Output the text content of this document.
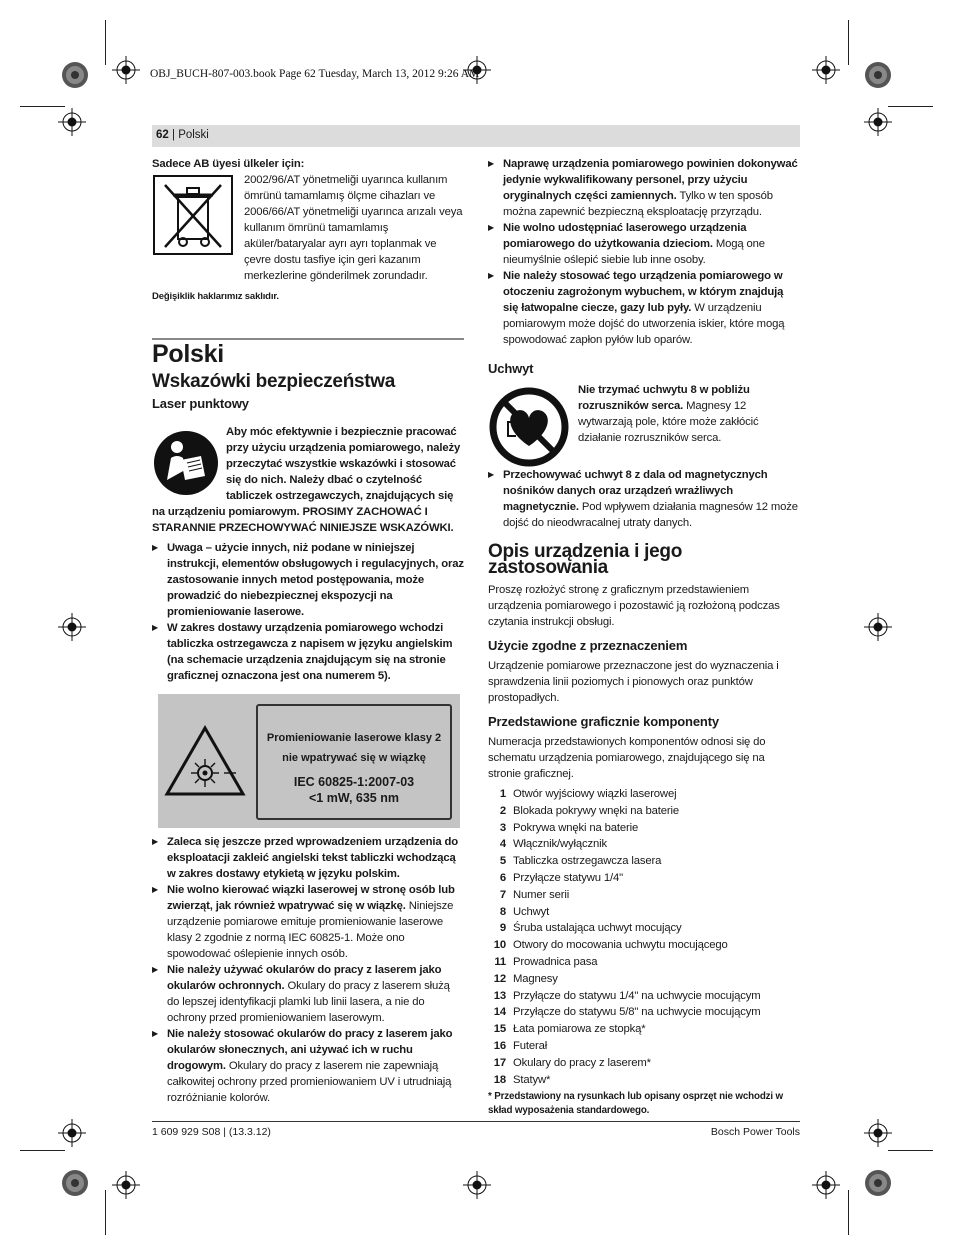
OBJ_BUCH-807-003.book Page 62 Tuesday, March 13, 2012 9:26 AM
62 | Polski

Sadece AB üyesi ülkeler için:

2002/96/AT yönetmeliği uyarınca kullanım ömrünü tamamlamış ölçme cihazları ve 2006/66/AT yönetmeliği uyarınca arızalı veya kullanım ömrünü tamamlamış aküler/bataryalar ayrı ayrı toplanmak ve çevre dostu tasfiye için geri kazanım merkezlerine gönderilmek zorundadır.

Değişiklik haklarımız saklıdır.

Polski
Wskazówki bezpieczeństwa
Laser punktowy

Aby móc efektywnie i bezpiecznie pracować przy użyciu urządzenia pomiarowego, należy przeczytać wszystkie wskazówki i stosować się do nich. Należy dbać o czytelność tabliczek ostrzegawczych, znajdujących się na urządzeniu pomiarowym. PROSIMY ZACHOWAĆ I STARANNIE PRZECHOWYWAĆ NINIEJSZE WSKAZÓWKI.

▶ Uwaga – użycie innych, niż podane w niniejszej instrukcji, elementów obsługowych i regulacyjnych, oraz zastosowanie innych metod postępowania, może prowadzić do niebezpiecznej ekspozycji na promieniowanie laserowe.

▶ W zakres dostawy urządzenia pomiarowego wchodzi tabliczka ostrzegawcza z napisem w języku angielskim (na schemacie urządzenia znajdującym się na stronie graficznej oznaczona jest ona numerem 5).

Promieniowanie laserowe klasy 2
nie wpatrywać się w wiązkę
IEC 60825-1:2007-03
<1 mW, 635 nm

▶ Zaleca się jeszcze przed wprowadzeniem urządzenia do eksploatacji zakleić angielski tekst tabliczki wchodzącą w zakres dostawy etykietą w języku polskim.

▶ Nie wolno kierować wiązki laserowej w stronę osób lub zwierząt, jak również wpatrywać się w wiązkę. Niniejsze urządzenie pomiarowe emituje promieniowanie laserowe klasy 2 zgodnie z normą IEC 60825-1. Może ono spowodować oślepienie innych osób.

▶ Nie należy używać okularów do pracy z laserem jako okularów ochronnych. Okulary do pracy z laserem służą do lepszej identyfikacji plamki lub linii lasera, a nie do ochrony przed promieniowaniem laserowym.

▶ Nie należy stosować okularów do pracy z laserem jako okularów słonecznych, ani używać ich w ruchu drogowym. Okulary do pracy z laserem nie zapewniają całkowitej ochrony przed promieniowaniem UV i utrudniają rozróżnianie kolorów.

▶ Naprawę urządzenia pomiarowego powinien dokonywać jedynie wykwalifikowany personel, przy użyciu oryginalnych części zamiennych. Tylko w ten sposób można zapewnić bezpieczną eksploatację przyrządu.

▶ Nie wolno udostępniać laserowego urządzenia pomiarowego do użytkowania dzieciom. Mogą one nieumyślnie oślepić siebie lub inne osoby.

▶ Nie należy stosować tego urządzenia pomiarowego w otoczeniu zagrożonym wybuchem, w którym znajdują się łatwopalne ciecze, gazy lub pyły. W urządzeniu pomiarowym może dojść do utworzenia iskier, które mogą spowodować zapłon pyłów lub oparów.

Uchwyt

Nie trzymać uchwytu 8 w pobliżu rozruszników serca. Magnesy 12 wytwarzają pole, które może zakłócić działanie rozruszników serca.

▶ Przechowywać uchwyt 8 z dala od magnetycznych nośników danych oraz urządzeń wrażliwych magnetycznie. Pod wpływem działania magnesów 12 może dojść do nieodwracalnej utraty danych.

Opis urządzenia i jego zastosowania

Proszę rozłożyć stronę z graficznym przedstawieniem urządzenia pomiarowego i pozostawić ją rozłożoną podczas czytania instrukcji obsługi.

Użycie zgodne z przeznaczeniem

Urządzenie pomiarowe przeznaczone jest do wyznaczenia i sprawdzenia linii poziomych i pionowych oraz punktów prostopadłych.

Przedstawione graficznie komponenty

Numeracja przedstawionych komponentów odnosi się do schematu urządzenia pomiarowego, znajdującego się na stronie graficznej.

1 Otwór wyjściowy wiązki laserowej
2 Blokada pokrywy wnęki na baterie
3 Pokrywa wnęki na baterie
4 Włącznik/wyłącznik
5 Tabliczka ostrzegawcza lasera
6 Przyłącze statywu 1/4"
7 Numer serii
8 Uchwyt
9 Śruba ustalająca uchwyt mocujący
10 Otwory do mocowania uchwytu mocującego
11 Prowadnica pasa
12 Magnesy
13 Przyłącze do statywu 1/4" na uchwycie mocującym
14 Przyłącze do statywu 5/8" na uchwycie mocującym
15 Łata pomiarowa ze stopką*
16 Futerał
17 Okulary do pracy z laserem*
18 Statyw*

* Przedstawiony na rysunkach lub opisany osprzęt nie wchodzi w skład wyposażenia standardowego.

1 609 929 S08 | (13.3.12)	Bosch Power Tools
